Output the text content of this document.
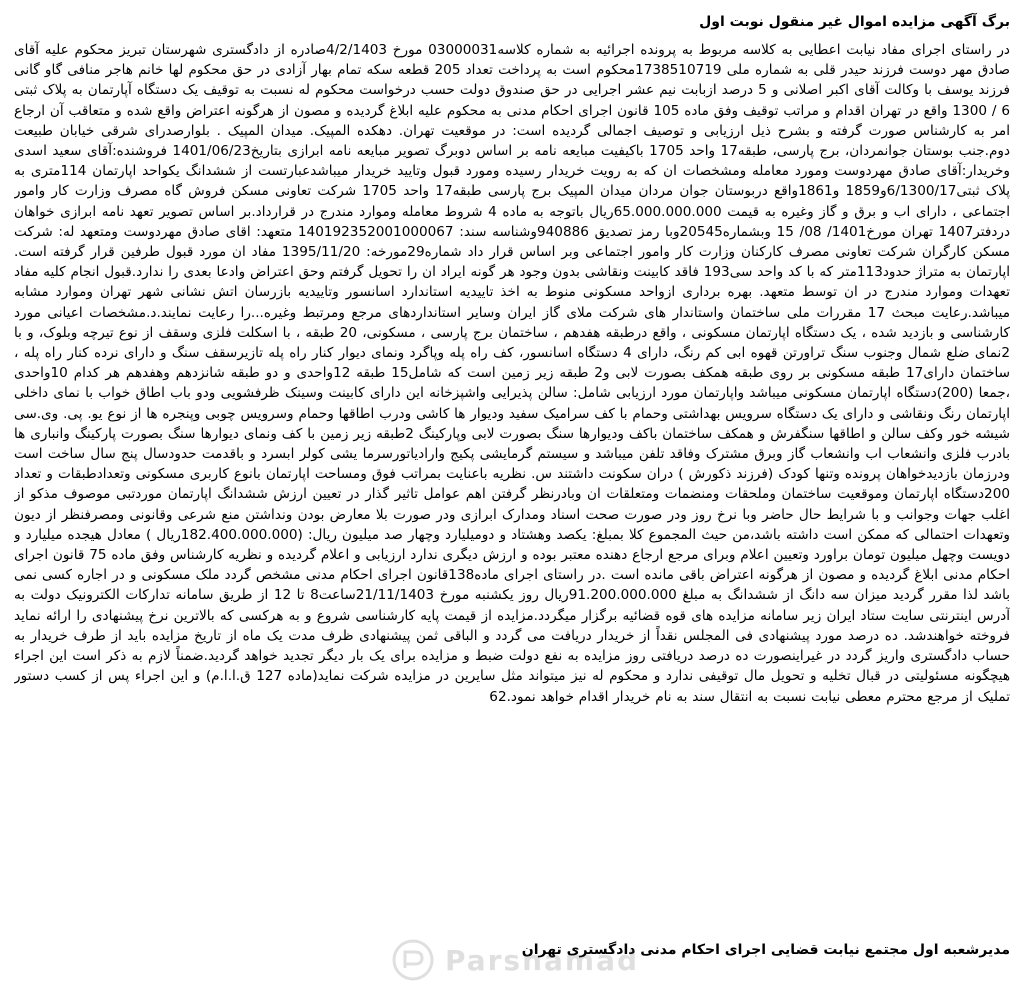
برگ آگهی مزایده اموال غیر منقول نوبت اول
در راستای اجرای مفاد نیابت اعطایی به کلاسه مربوط به پرونده اجرائیه به شماره کلاسه03000031 مورخ 4/2/1403صادره از دادگستری شهرستان تبریز محکوم علیه آقای صادق مهر دوست فرزند حیدر قلی به شماره ملی 1738510719محکوم است به پرداخت تعداد 205 قطعه سکه تمام بهار آزادی در حق محکوم لها خانم هاجر منافی گاو گانی فرزند یوسف با وکالت آقای اکبر اصلانی و 5 درصد ازبابت نیم عشر اجرایی در حق صندوق دولت حسب درخواست محکوم له نسبت به توقیف یک دستگاه آپارتمان به پلاک ثبتی 6 / 1300 واقع در تهران اقدام و مراتب توقیف وفق ماده 105 قانون اجرای احکام مدنی به محکوم علیه ابلاغ گردیده و مصون از هرگونه اعتراض واقع شده و متعاقب آن ارجاع امر به کارشناس صورت گرفته و بشرح ذیل ارزیابی و توصیف اجمالی گردیده است: در موقعیت تهران. دهکده المپیک. میدان المپیک . بلوارصدرای شرقی خیابان طبیعت دوم.جنب بوستان جوانمردان، برج پارسی، طبقه17 واحد 1705 باکیفیت مبایعه نامه بر اساس دوبرگ تصویر مبایعه نامه ابرازی بتاریخ1401/06/23 فروشنده:آقای سعید اسدی وخریدار:آقای صادق مهردوست ومورد معامله ومشخصات ان که به رویت خریدار رسیده ومورد قبول وتایید خریدار میباشدعبارتست از ششدانگ یکواحد اپارتمان 114متری به پلاک ثبتی6/1300/17و1859 و1861واقع دربوستان جوان مردان میدان المپیک برج پارسی طبقه17 واحد 1705 شرکت تعاونی مسکن فروش گاه مصرف وزارت کار وامور اجتماعی ، دارای اب و برق و گاز وغیره به قیمت 65.000.000.000ریال باتوجه به ماده 4 شروط معامله وموارد مندرج در قرارداد.بر اساس تصویر تعهد نامه ابرازی خواهان دردفتر1407 تهران مورخ1401/ 08/ 15 وبشماره20545وبا رمز تصدیق 940886وشناسه سند: 140192352001000067 متعهد: اقای صادق مهردوست ومتعهد له: شرکت مسکن کارگران شرکت تعاونی مصرف کارکنان وزارت کار وامور اجتماعی وبر اساس قرار داد شماره29مورخه: 1395/11/20 مفاد ان مورد قبول طرفین قرار گرفته است. اپارتمان به متراژ حدود113متر که با کد واحد سی193 فاقد کابینت ونقاشی بدون وجود هر گونه ایراد ان را تحویل گرفتم وحق اعتراض وادعا بعدی را ندارد.قبول انجام کلیه مفاد تعهدات وموارد مندرج در ان توسط متعهد. بهره برداری ازواحد مسکونی منوط به اخذ تاییدیه استاندارد اسانسور وتاییدیه بازرسان اتش نشانی شهر تهران وموارد مشابه میباشد.رعایت مبحث 17 مقررات ملی ساختمان واستاندار های شرکت ملای گاز ایران وسایر استانداردهای مرجع ومرتبط وغیره...را رعایت نمایند.د.مشخصات اعیانی مورد کارشناسی و بازدید شده ، یک دستگاه اپارتمان مسکونی ، واقع درطبقه هفدهم ، ساختمان برج پارسی ، مسکونی، 20 طبقه ، با اسکلت فلزی وسقف از نوع تیرچه وبلوک، و با 2نمای ضلع شمال وجنوب سنگ تراورتن قهوه ابی کم رنگ، دارای 4 دستگاه اسانسور، کف راه پله وپاگرد ونمای دیوار کنار راه پله تازیرسقف سنگ و دارای نرده کنار راه پله ، ساختمان دارای17 طبقه مسکونی بر روی طبقه همکف بصورت لابی و2 طبقه زیر زمین است که شامل15 طبقه 12واحدی و دو طبقه شانزدهم وهفدهم هر کدام 10واحدی ،جمعا (200)دستگاه اپارتمان مسکونی میباشد واپارتمان مورد ارزیابی شامل: سالن پذیرایی واشپزخانه این دارای کابینت وسینک ظرفشویی ودو باب اطاق خواب با نمای داخلی اپارتمان رنگ ونقاشی و دارای یک دستگاه سرویس بهداشتی وحمام با کف سرامیک سفید ودیوار ها کاشی ودرب اطاقها وحمام وسرویس چوبی وپنجره ها از نوع یو. پی. وی.سی شیشه خور وکف سالن و اطاقها سنگفرش و همکف ساختمان باکف ودیوارها سنگ بصورت لابی وپارکینگ 2طبقه زیر زمین با کف ونمای دیوارها سنگ بصورت پارکینگ وانباری ها بادرب فلزی وانشعاب اب وانشعاب گاز وبرق مشترک وفاقد تلفن میباشد و سیستم گرمایشی پکیج وارادیاتورسرما یشی کولر ابسرد و باقدمت حدودسال پنج سال ساخت است ودرزمان بازدیدخواهان پرونده وتنها کودک (فرزند ذکورش ) دران سکونت داشتند س. نظریه باعنایت بمراتب فوق ومساحت اپارتمان بانوع کاربری مسکونی وتعدادطبقات و تعداد 200دستگاه اپارتمان وموقعیت ساختمان وملحقات ومنضمات ومتعلقات ان وبادرنظر گرفتن اهم عوامل تاثیر گذار در تعیین ارزش ششدانگ اپارتمان موردتبی موصوف مذکو از اغلب جهات وجوانب و با شرایط حال حاضر وبا نرخ روز ودر صورت صحت اسناد ومدارک ابرازی ودر صورت بلا معارض بودن ونداشتن منع شرعی وقانونی ومصرفنظر از دیون وتعهدات احتمالی که ممکن است داشته باشد،من حیث المجموع کلا بمبلغ: یکصد وهشتاد و دومیلیارد وچهار صد میلیون ریال: (182.400.000.000ریال ) معادل هیجده میلیارد و دویست وچهل میلیون تومان براورد وتعیین اعلام وبرای مرجع ارجاع دهنده معتبر بوده و ارزش دیگری ندارد ارزیابی و اعلام گردیده و نظریه کارشناس وفق ماده 75 قانون اجرای احکام مدنی ابلاغ گردیده و مصون از هرگونه اعتراض باقی مانده است .در راستای اجرای ماده138قانون اجرای احکام مدنی مشخص گردد ملک مسکونی و در اجاره کسی نمی باشد لذا مقرر گردید میزان سه دانگ از ششدانگ به مبلغ 91.200.000.000ریال روز یکشنبه مورخ 21/11/1403ساعت8 تا 12 از طریق سامانه تدارکات الکترونیک دولت به آدرس اینترنتی سایت ستاد ایران زیر سامانه مزایده های قوه قضائیه برگزار میگردد.مزایده از قیمت پایه کارشناسی شروع و به هرکسی که بالاترین نرخ پیشنهادی را ارائه نماید فروخته خواهندشد. ده درصد مورد پیشنهادی فی المجلس نقداً از خریدار دریافت می گردد و الباقی ثمن پیشنهادی ظرف مدت یک ماه از تاریخ مزایده باید از طرف خریدار به حساب دادگستری واریز گردد در غیراینصورت ده درصد دریافتی روز مزایده به نفع دولت ضبط و مزایده برای یک بار دیگر تجدید خواهد گردید.ضمناً لازم به ذکر است این اجراء هیچگونه مسئولیتی در قبال تخلیه و تحویل مال توقیفی ندارد و محکوم له نیز میتواند مثل سایرین در مزایده شرکت نماید(ماده 127 ق.ا.ا.م) و این اجراء پس از کسب دستور تملیک از مرجع محترم معطی نیابت نسبت به انتقال سند به نام خریدار اقدام خواهد نمود.62
مدیرشعبه اول مجتمع نیابت قضایی اجرای احکام مدنی دادگستری تهران
Parsnamad
